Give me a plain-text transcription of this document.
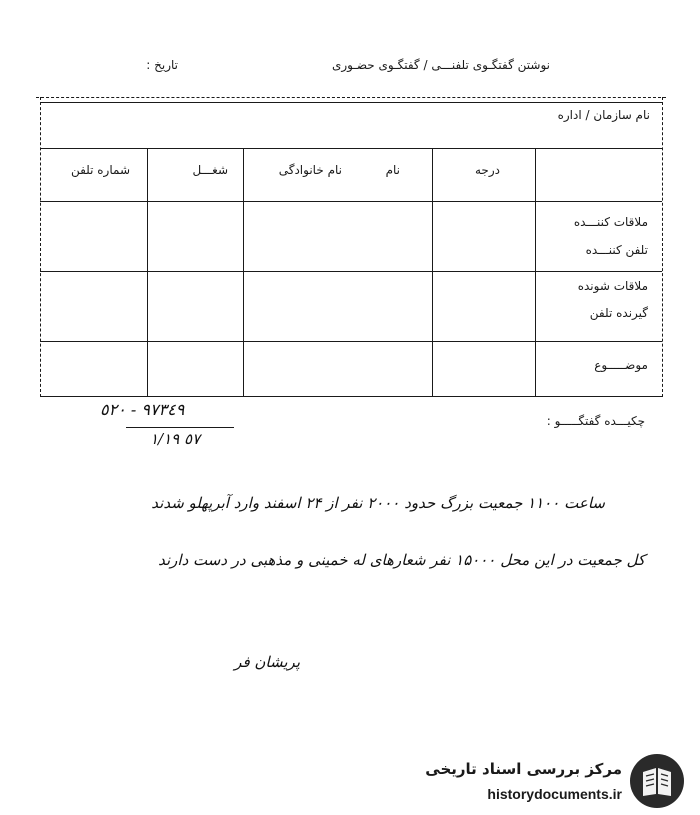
نوشتن گفتگـوی تلفنـــی / گفتگـوی حضـوری
تاریخ :
نام سازمان / اداره
درجه
نام
نام خانوادگی
شغـــل
شماره تلفن
ملاقات کننـــده
تلفن کننـــده
ملاقات شونده
گیرنده تلفن
موضـــــوع
چکیـــده گفتگـــــو :
٩٧٣٤٩ - ٥٢٠
٥٧ ١/١٩
ساعت ۱۱۰۰ جمعیت بزرگ حدود ۲۰۰۰ نفر از ۲۴ اسفند وارد آبرپهلو شدند
کل جمعیت در این محل ۱۵۰۰۰ نفر شعارهای له خمینی و مذهبی در دست دارند
پریشان فر
مرکز بررسی اسناد تاریخی
historydocuments.ir
